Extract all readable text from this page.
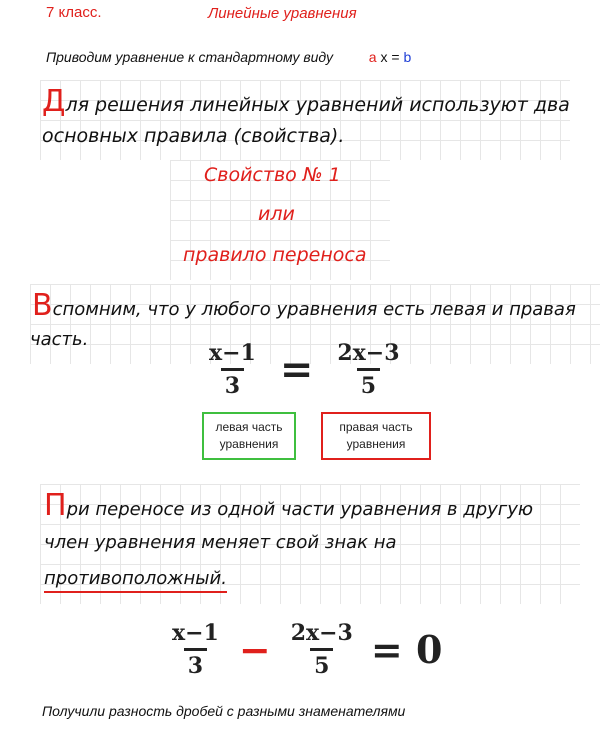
7 класс.	Линейные уравнения
Приводим уравнение к стандартному виду	a x = b
Для решения линейных уравнений используют два
основных правила (свойства).
Свойство № 1
или
правило переноса
Вспомним, что у любого уравнения есть левая и правая
часть.
$\frac{x-1}{3} = \frac{2x-3}{5}$
левая часть
уравнения
правая часть
уравнения
При переносе из одной части уравнения в другую
член уравнения меняет свой знак на
противоположный.
$\frac{x-1}{3} - \frac{2x-3}{5} = 0$
Получили разность дробей с разными знаменателями
